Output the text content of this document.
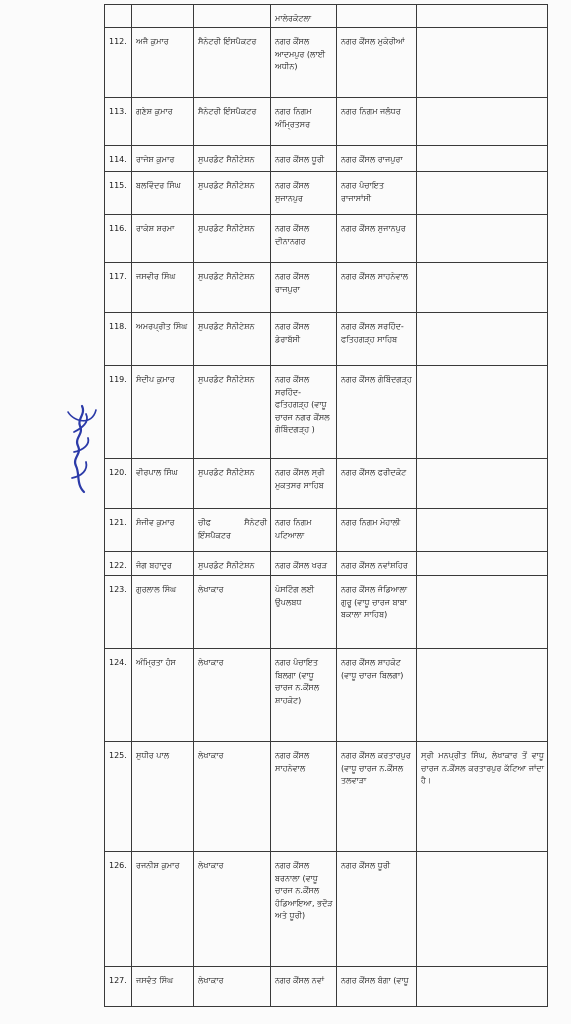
			ਮਾਲੇਰਕੋਟਲਾ		
112.	ਅਜੈ ਕੁਮਾਰ	ਸੈਨੇਟਰੀ ਇੰਸਪੈਕਟਰ	ਨਗਰ ਕੌਂਸਲ ਆਦਮਪੁਰ (ਲਾਈ ਅਧੀਨ)	ਨਗਰ ਕੌਂਸਲ ਮੁਕੇਰੀਆਂ	
113.	ਗਣੇਸ਼ ਕੁਮਾਰ	ਸੈਨੇਟਰੀ ਇੰਸਪੈਕਟਰ	ਨਗਰ ਨਿਗਮ ਅੰਮ੍ਰਿਤਸਰ	ਨਗਰ ਨਿਗਮ ਜਲੰਧਰ	
114.	ਰਾਜੇਸ਼ ਕੁਮਾਰ	ਸੁਪਰਡੰਟ ਸੈਨੀਟੇਸ਼ਨ	ਨਗਰ ਕੌਂਸਲ ਧੂਰੀ	ਨਗਰ ਕੌਂਸਲ ਰਾਜਪੁਰਾ	
115.	ਬਲਵਿੰਦਰ ਸਿੰਘ	ਸੁਪਰਡੰਟ ਸੈਨੀਟੇਸ਼ਨ	ਨਗਰ ਕੌਂਸਲ ਸੁਜਾਨਪੁਰ	ਨਗਰ ਪੰਚਾਇਤ ਰਾਜਾਸਾਂਸੀ	
116.	ਰਾਕੇਸ਼ ਸ਼ਰਮਾ	ਸੁਪਰਡੰਟ ਸੈਨੀਟੇਸ਼ਨ	ਨਗਰ ਕੌਂਸਲ ਦੀਨਾਨਗਰ	ਨਗਰ ਕੌਂਸਲ ਸੁਜਾਨਪੁਰ	
117.	ਜਸਵੀਰ ਸਿੰਘ	ਸੁਪਰਡੰਟ ਸੈਨੀਟੇਸ਼ਨ	ਨਗਰ ਕੌਂਸਲ ਰਾਜਪੁਰਾ	ਨਗਰ ਕੌਂਸਲ ਸਾਹਨੇਵਾਲ	
118.	ਅਮਰਪ੍ਰੀਤ ਸਿੰਘ	ਸੁਪਰਡੰਟ ਸੈਨੀਟੇਸ਼ਨ	ਨਗਰ ਕੌਂਸਲ ਡੇਰਾਬੱਸੀ	ਨਗਰ ਕੌਂਸਲ ਸਰਹਿੰਦ-ਫਤਿਹਗੜ੍ਹ ਸਾਹਿਬ	
119.	ਸੰਦੀਪ ਕੁਮਾਰ	ਸੁਪਰਡੰਟ ਸੈਨੀਟੇਸ਼ਨ	ਨਗਰ ਕੌਂਸਲ ਸਰਹਿੰਦ-ਫਤਿਹਗੜ੍ਹ (ਵਾਧੂ ਚਾਰਜ ਨਗਰ ਕੌਂਸਲ ਗੋਬਿੰਦਗੜ੍ਹ )	ਨਗਰ ਕੌਂਸਲ ਗੋਬਿੰਦਗੜ੍ਹ	
120.	ਵੀਰਪਾਲ ਸਿੰਘ	ਸੁਪਰਡੰਟ ਸੈਨੀਟੇਸ਼ਨ	ਨਗਰ ਕੌਂਸਲ ਸ੍ਰੀ ਮੁਕਤਸਰ ਸਾਹਿਬ	ਨਗਰ ਕੌਂਸਲ ਫਰੀਦਕੋਟ	
121.	ਸੰਜੀਵ ਕੁਮਾਰ	ਚੀਫ ਸੈਨੇਟਰੀ ਇੰਸਪੈਕਟਰ	ਨਗਰ ਨਿਗਮ ਪਟਿਆਲਾ	ਨਗਰ ਨਿਗਮ ਮੋਹਾਲੀ	
122.	ਜੰਗ ਬਹਾਦੁਰ	ਸੁਪਰਡੰਟ ਸੈਨੀਟੇਸ਼ਨ	ਨਗਰ ਕੌਂਸਲ ਖਰੜ	ਨਗਰ ਕੌਂਸਲ ਨਵਾਂਸ਼ਹਿਰ	
123.	ਗੁਰਲਾਲ ਸਿੰਘ	ਲੇਖਾਕਾਰ	ਪੋਸਟਿੰਗ ਲਈ ਉਪਲਬਧ	ਨਗਰ ਕੌਂਸਲ ਜੰਡਿਆਲਾ ਗੁਰੂ (ਵਾਧੂ ਚਾਰਜ ਬਾਬਾ ਬਕਾਲਾ ਸਾਹਿਬ)	
124.	ਅੰਮ੍ਰਿਤਾ ਹੰਸ	ਲੇਖਾਕਾਰ	ਨਗਰ ਪੰਚਾਇਤ ਬਿਲਗਾ (ਵਾਧੂ ਚਾਰਜ ਨ.ਕੌਂਸਲ ਸ਼ਾਹਕੋਟ)	ਨਗਰ ਕੌਂਸਲ ਸ਼ਾਹਕੋਟ (ਵਾਧੂ ਚਾਰਜ ਬਿਲਗਾ)	
125.	ਸੁਧੀਰ ਪਾਲ	ਲੇਖਾਕਾਰ	ਨਗਰ ਕੌਂਸਲ ਸਾਹਨੇਵਾਲ	ਨਗਰ ਕੌਂਸਲ ਕਰਤਾਰਪੁਰ (ਵਾਧੂ ਚਾਰਜ ਨ.ਕੌਂਸਲ ਤਲਵਾੜਾ	ਸ੍ਰੀ ਮਨਪ੍ਰੀਤ ਸਿੰਘ, ਲੇਖਾਕਾਰ ਤੋਂ ਵਾਧੂ ਚਾਰਜ ਨ.ਕੌਂਸਲ ਕਰਤਾਰਪੁਰ ਕੱਟਿਆ ਜਾਂਦਾ ਹੈ।
126.	ਰਜਨੀਸ਼ ਕੁਮਾਰ	ਲੇਖਾਕਾਰ	ਨਗਰ ਕੌਂਸਲ ਬਰਨਾਲਾ (ਵਾਧੂ ਚਾਰਜ ਨ.ਕੌਂਸਲ ਹੰਡਿਆਇਆ, ਭਦੌੜ ਅਤੇ ਧੂਰੀ)	ਨਗਰ ਕੌਂਸਲ ਧੂਰੀ	
127.	ਜਸਵੰਤ ਸਿੰਘ	ਲੇਖਾਕਾਰ	ਨਗਰ ਕੌਂਸਲ ਨਵਾਂ	ਨਗਰ ਕੌਂਸਲ ਬੰਗਾ (ਵਾਧੂ	
